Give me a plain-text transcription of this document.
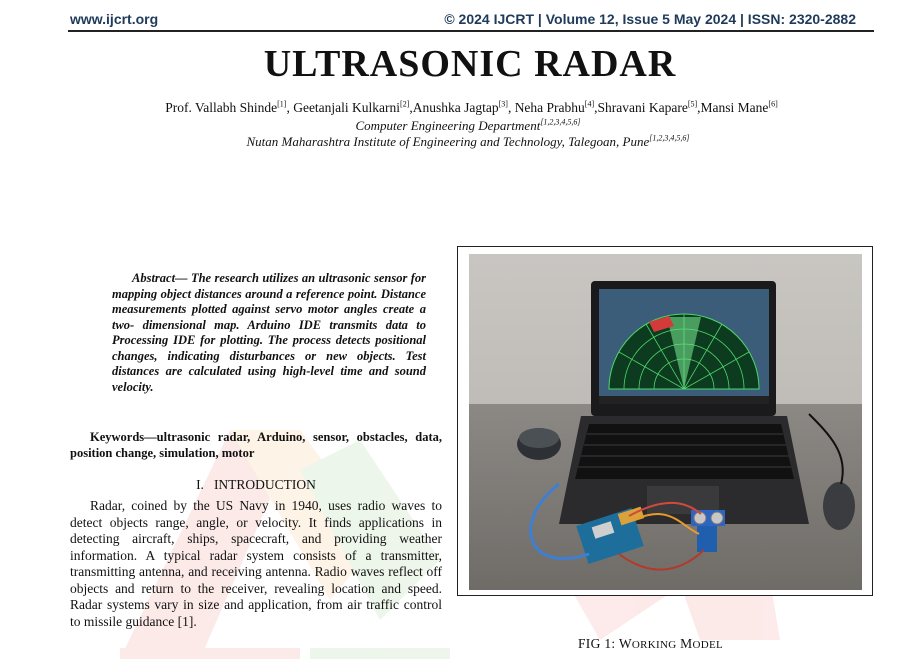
www.ijcrt.org	© 2024 IJCRT | Volume 12, Issue 5 May 2024 | ISSN: 2320-2882
ULTRASONIC RADAR
Prof. Vallabh Shinde[1], Geetanjali Kulkarni[2],Anushka Jagtap[3], Neha Prabhu[4],Shravani Kapare[5],Mansi Mane[6]
Computer Engineering Department[1,2,3,4,5,6]
Nutan Maharashtra Institute of Engineering and Technology, Talegoan, Pune[1,2,3,4,5,6]
Abstract— The research utilizes an ultrasonic sensor for mapping object distances around a reference point. Distance measurements plotted against servo motor angles create a two- dimensional map. Arduino IDE transmits data to Processing IDE for plotting. The process detects positional changes, indicating disturbances or new objects. Test distances are calculated using high-level time and sound velocity.
Keywords—ultrasonic radar, Arduino, sensor, obstacles, data, position change, simulation, motor
I. INTRODUCTION
Radar, coined by the US Navy in 1940, uses radio waves to detect objects range, angle, or velocity. It finds applications in detecting aircraft, ships, spacecraft, and providing weather information. A typical radar system consists of a transmitter, transmitting antenna, and receiving antenna. Radio waves reflect off objects and return to the receiver, revealing location and speed. Radar systems vary in size and application, from air traffic control to missile guidance [1].
FIG 1: WORKING MODEL
